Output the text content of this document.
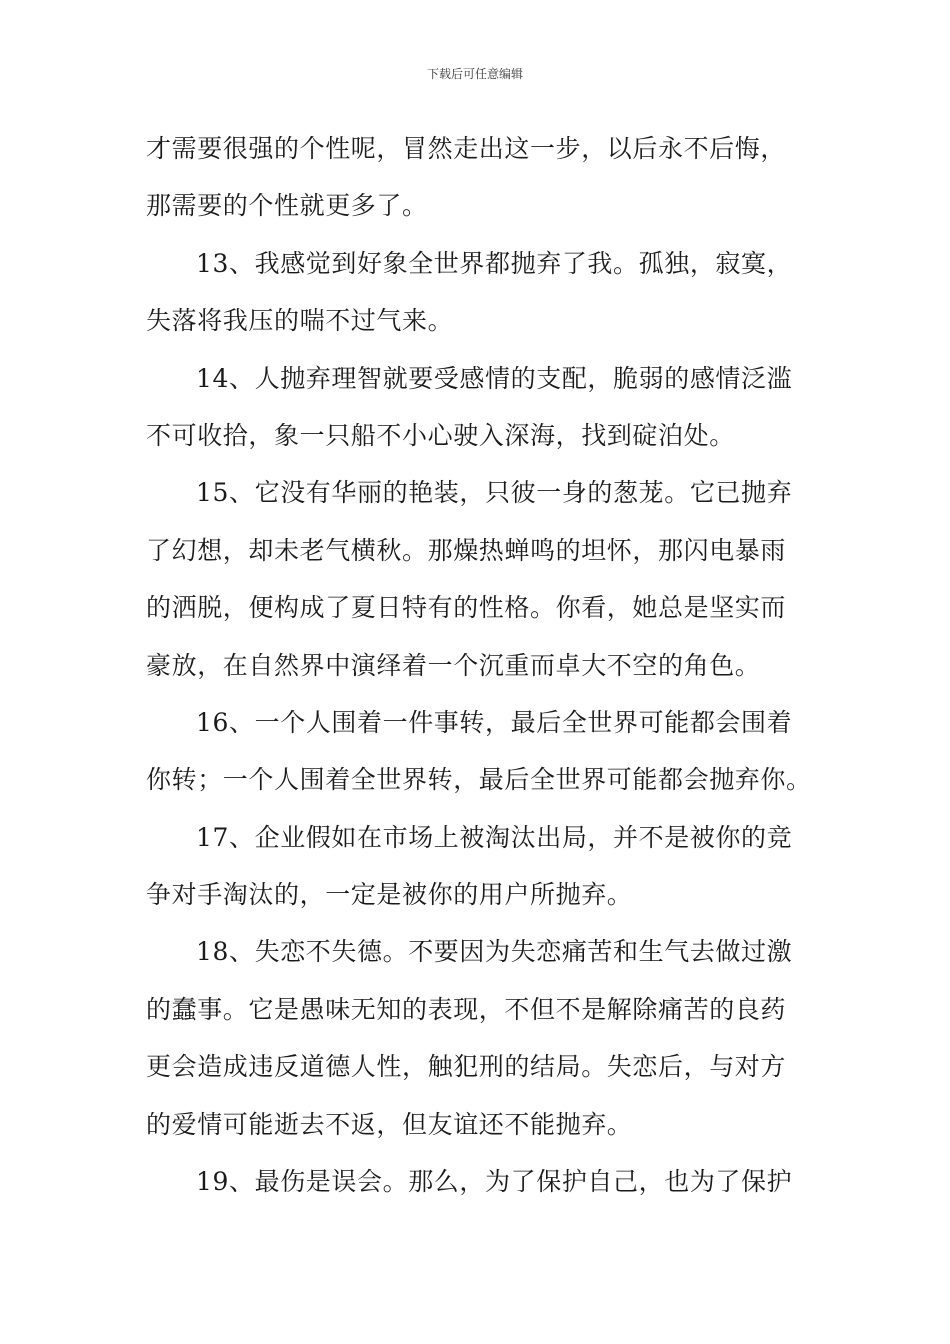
下载后可任意编辑
才需要很强的个性呢，冒然走出这一步，以后永不后悔，
那需要的个性就更多了。
13、我感觉到好象全世界都抛弃了我。孤独，寂寞，
失落将我压的喘不过气来。
14、人抛弃理智就要受感情的支配，脆弱的感情泛滥
不可收拾，象一只船不小心驶入深海，找到碇泊处。
15、它没有华丽的艳装，只彼一身的葱茏。它已抛弃
了幻想，却未老气横秋。那燥热蝉鸣的坦怀，那闪电暴雨
的洒脱，便构成了夏日特有的性格。你看，她总是坚实而
豪放，在自然界中演绎着一个沉重而卓大不空的角色。
16、一个人围着一件事转，最后全世界可能都会围着
你转；一个人围着全世界转，最后全世界可能都会抛弃你。
17、企业假如在市场上被淘汰出局，并不是被你的竞
争对手淘汰的，一定是被你的用户所抛弃。
18、失恋不失德。不要因为失恋痛苦和生气去做过激
的蠢事。它是愚味无知的表现，不但不是解除痛苦的良药
更会造成违反道德人性，触犯刑的结局。失恋后，与对方
的爱情可能逝去不返，但友谊还不能抛弃。
19、最伤是误会。那么，为了保护自己，也为了保护
